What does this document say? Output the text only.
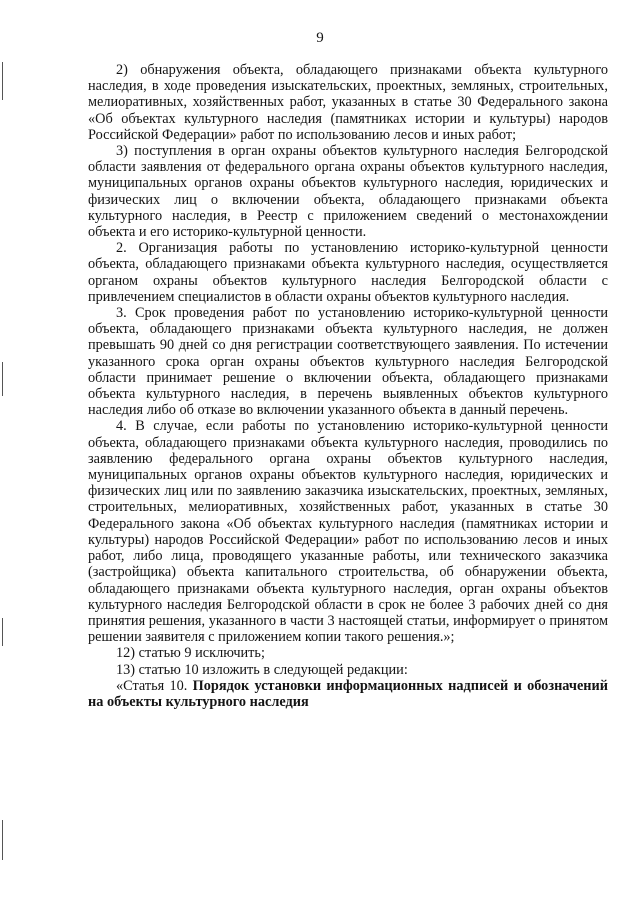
9

2) обнаружения объекта, обладающего признаками объекта культурного наследия, в ходе проведения изыскательских, проектных, земляных, строительных, мелиоративных, хозяйственных работ, указанных в статье 30 Федерального закона «Об объектах культурного наследия (памятниках истории и культуры) народов Российской Федерации» работ по использованию лесов и иных работ;

3) поступления в орган охраны объектов культурного наследия Белгородской области заявления от федерального органа охраны объектов культурного наследия, муниципальных органов охраны объектов культурного наследия, юридических и физических лиц о включении объекта, обладающего признаками объекта культурного наследия, в Реестр с приложением сведений о местонахождении объекта и его историко-культурной ценности.

2. Организация работы по установлению историко-культурной ценности объекта, обладающего признаками объекта культурного наследия, осуществляется органом охраны объектов культурного наследия Белгородской области с привлечением специалистов в области охраны объектов культурного наследия.

3. Срок проведения работ по установлению историко-культурной ценности объекта, обладающего признаками объекта культурного наследия, не должен превышать 90 дней со дня регистрации соответствующего заявления. По истечении указанного срока орган охраны объектов культурного наследия Белгородской области принимает решение о включении объекта, обладающего признаками объекта культурного наследия, в перечень выявленных объектов культурного наследия либо об отказе во включении указанного объекта в данный перечень.

4. В случае, если работы по установлению историко-культурной ценности объекта, обладающего признаками объекта культурного наследия, проводились по заявлению федерального органа охраны объектов культурного наследия, муниципальных органов охраны объектов культурного наследия, юридических и физических лиц или по заявлению заказчика изыскательских, проектных, земляных, строительных, мелиоративных, хозяйственных работ, указанных в статье 30 Федерального закона «Об объектах культурного наследия (памятниках истории и культуры) народов Российской Федерации» работ по использованию лесов и иных работ, либо лица, проводящего указанные работы, или технического заказчика (застройщика) объекта капитального строительства, об обнаружении объекта, обладающего признаками объекта культурного наследия, орган охраны объектов культурного наследия Белгородской области в срок не более 3 рабочих дней со дня принятия решения, указанного в части 3 настоящей статьи, информирует о принятом решении заявителя с приложением копии такого решения.»;

12) статью 9 исключить;

13) статью 10 изложить в следующей редакции:

«Статья 10. Порядок установки информационных надписей и обозначений на объекты культурного наследия
